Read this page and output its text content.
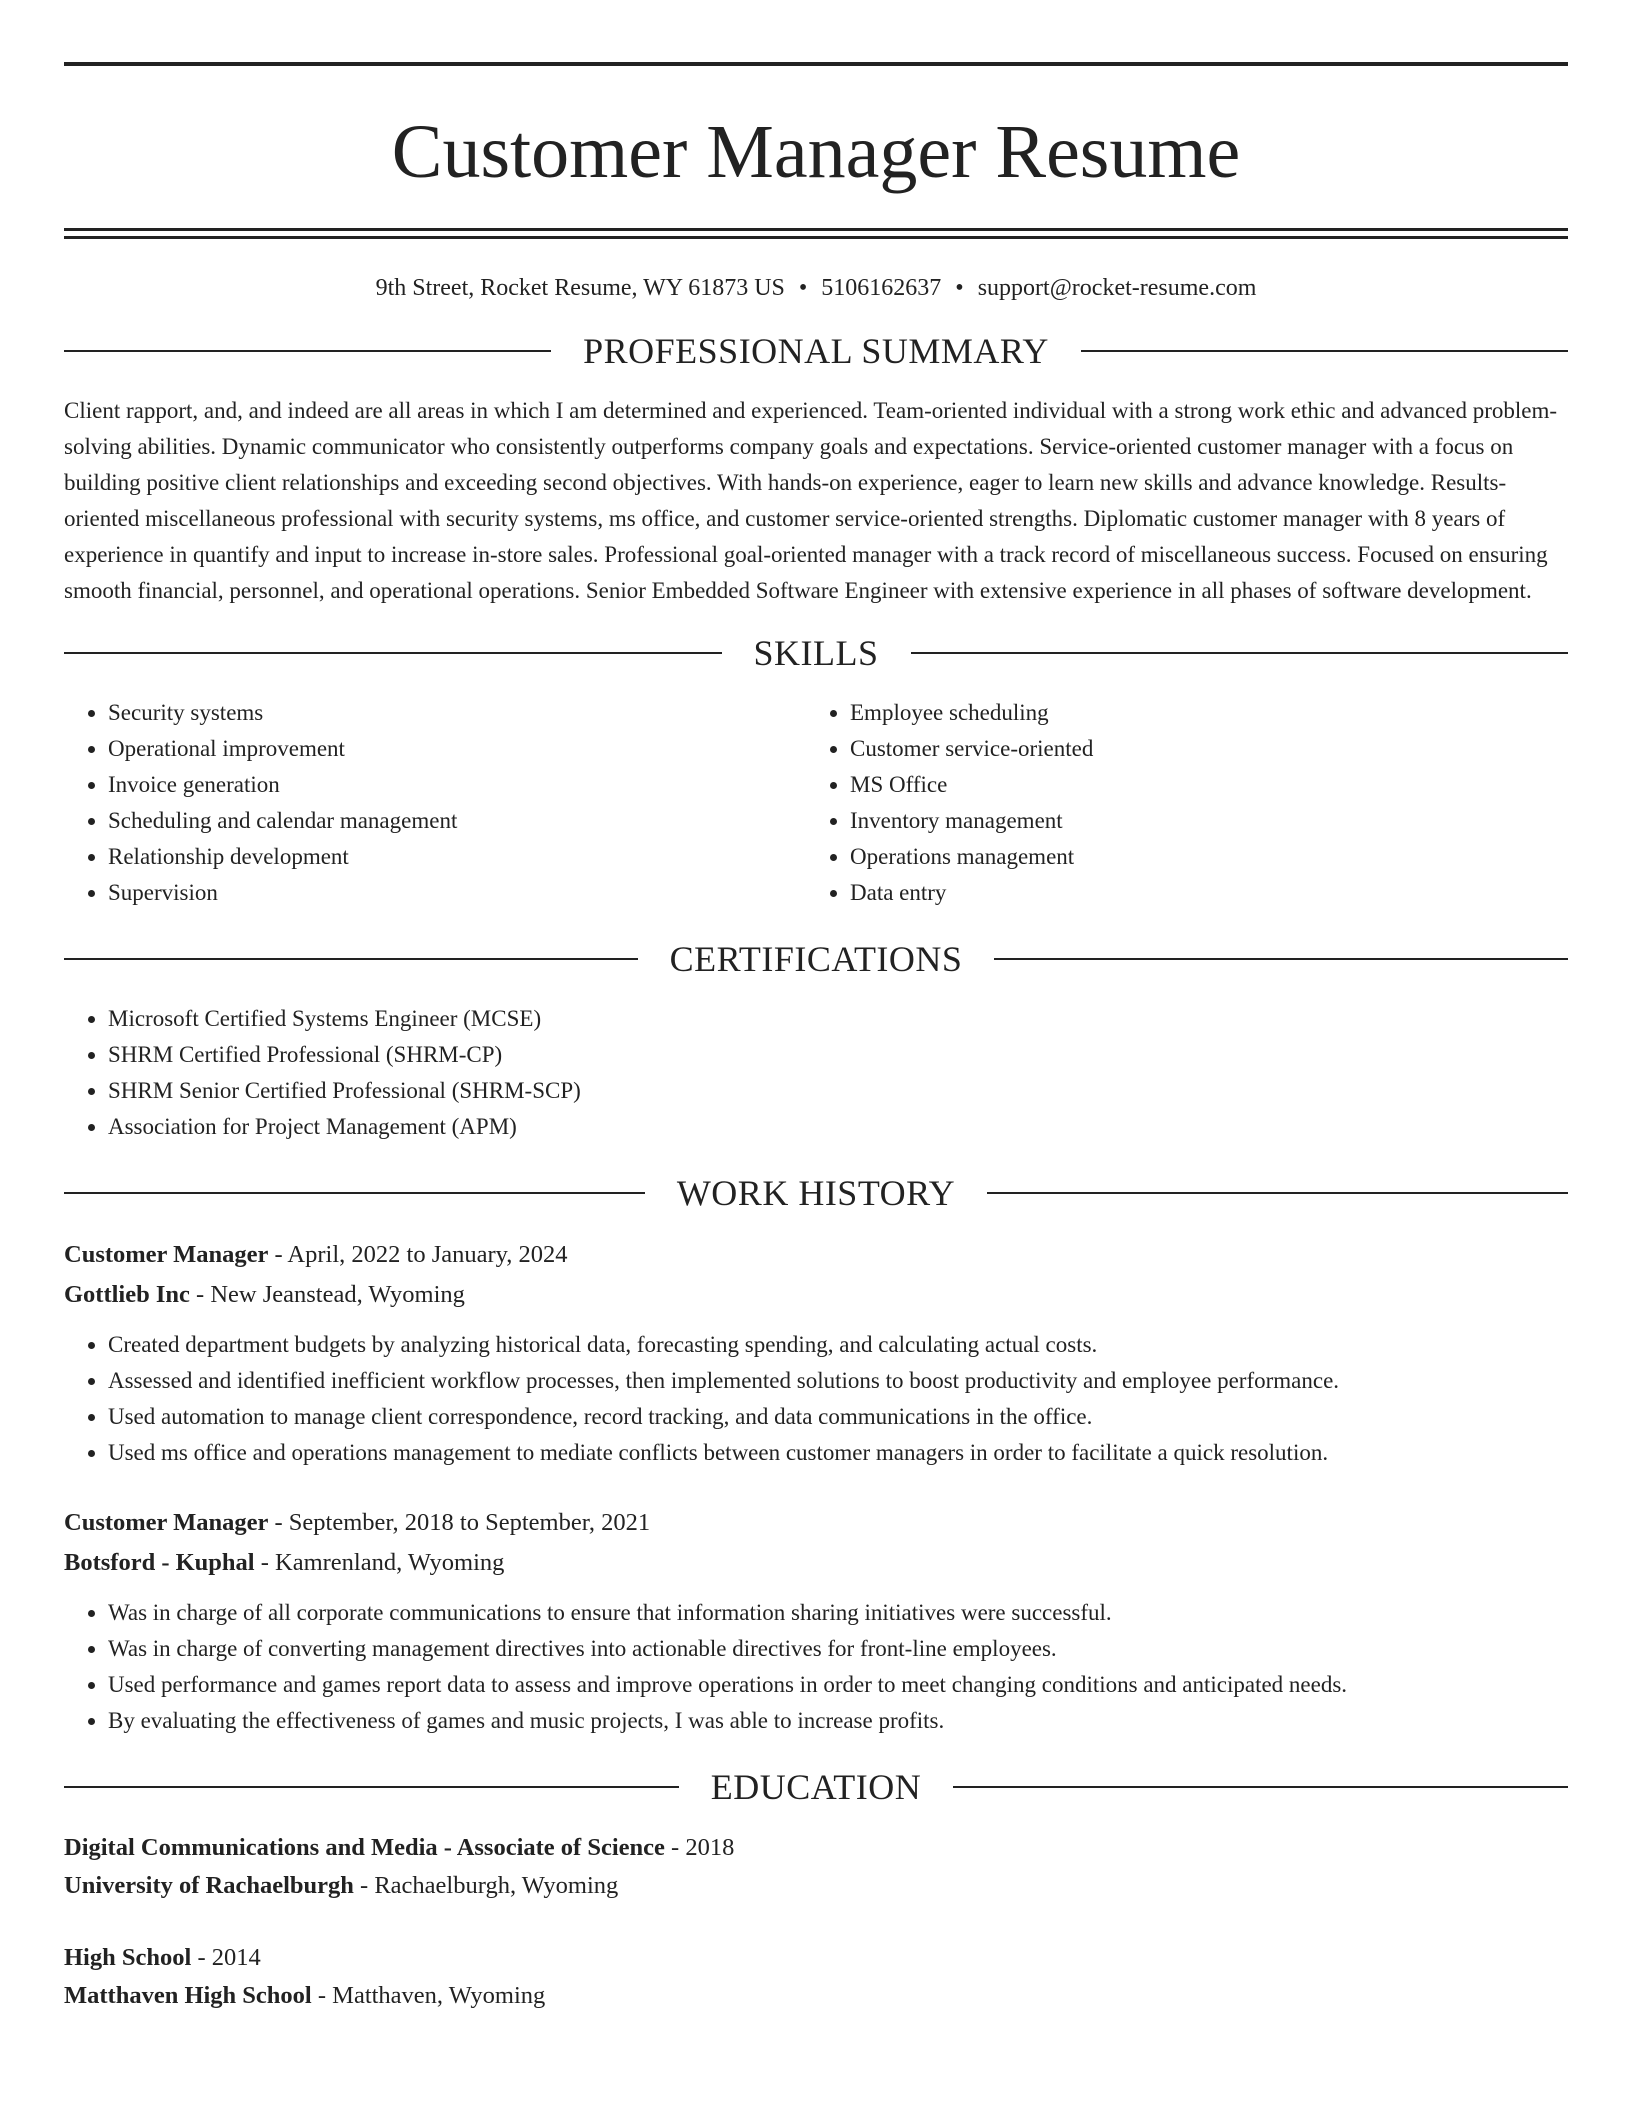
Customer Manager Resume
9th Street, Rocket Resume, WY 61873 US • 5106162637 • support@rocket-resume.com
PROFESSIONAL SUMMARY

Client rapport, and, and indeed are all areas in which I am determined and experienced. Team-oriented individual with a strong work ethic and advanced problem-solving abilities. Dynamic communicator who consistently outperforms company goals and expectations. Service-oriented customer manager with a focus on building positive client relationships and exceeding second objectives. With hands-on experience, eager to learn new skills and advance knowledge. Results-oriented miscellaneous professional with security systems, ms office, and customer service-oriented strengths. Diplomatic customer manager with 8 years of experience in quantify and input to increase in-store sales. Professional goal-oriented manager with a track record of miscellaneous success. Focused on ensuring smooth financial, personnel, and operational operations. Senior Embedded Software Engineer with extensive experience in all phases of software development.

SKILLS
• Security systems
• Operational improvement
• Invoice generation
• Scheduling and calendar management
• Relationship development
• Supervision
• Employee scheduling
• Customer service-oriented
• MS Office
• Inventory management
• Operations management
• Data entry
CERTIFICATIONS
• Microsoft Certified Systems Engineer (MCSE)
• SHRM Certified Professional (SHRM-CP)
• SHRM Senior Certified Professional (SHRM-SCP)
• Association for Project Management (APM)
WORK HISTORY
Customer Manager - April, 2022 to January, 2024
Gottlieb Inc - New Jeanstead, Wyoming
• Created department budgets by analyzing historical data, forecasting spending, and calculating actual costs.
• Assessed and identified inefficient workflow processes, then implemented solutions to boost productivity and employee performance.
• Used automation to manage client correspondence, record tracking, and data communications in the office.
• Used ms office and operations management to mediate conflicts between customer managers in order to facilitate a quick resolution.
Customer Manager - September, 2018 to September, 2021
Botsford - Kuphal - Kamrenland, Wyoming
• Was in charge of all corporate communications to ensure that information sharing initiatives were successful.
• Was in charge of converting management directives into actionable directives for front-line employees.
• Used performance and games report data to assess and improve operations in order to meet changing conditions and anticipated needs.
• By evaluating the effectiveness of games and music projects, I was able to increase profits.
EDUCATION
Digital Communications and Media - Associate of Science - 2018
University of Rachaelburgh - Rachaelburgh, Wyoming
High School - 2014
Matthaven High School - Matthaven, Wyoming
